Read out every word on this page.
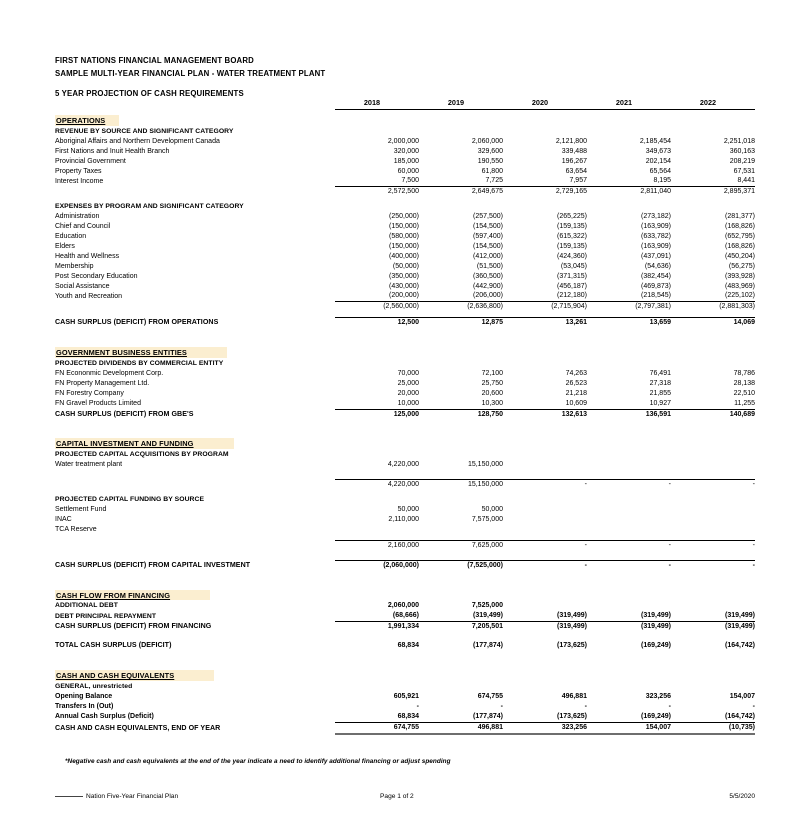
FIRST NATIONS FINANCIAL MANAGEMENT BOARD
SAMPLE MULTI-YEAR FINANCIAL PLAN - WATER TREATMENT PLANT
5 YEAR PROJECTION OF CASH REQUIREMENTS
	2018	2019	2020	2021	2022

OPERATIONS					
REVENUE BY SOURCE AND SIGNIFICANT CATEGORY					
Aboriginal Affairs and Northern Development Canada	2,000,000	2,060,000	2,121,800	2,185,454	2,251,018
First Nations and Inuit Health Branch	320,000	329,600	339,488	349,673	360,163
Provincial Government	185,000	190,550	196,267	202,154	208,219
Property Taxes	60,000	61,800	63,654	65,564	67,531
Interest Income	7,500	7,725	7,957	8,195	8,441
	2,572,500	2,649,675	2,729,165	2,811,040	2,895,371

EXPENSES BY PROGRAM AND SIGNIFICANT CATEGORY					
Administration	(250,000)	(257,500)	(265,225)	(273,182)	(281,377)
Chief and Council	(150,000)	(154,500)	(159,135)	(163,909)	(168,826)
Education	(580,000)	(597,400)	(615,322)	(633,782)	(652,795)
Elders	(150,000)	(154,500)	(159,135)	(163,909)	(168,826)
Health and Wellness	(400,000)	(412,000)	(424,360)	(437,091)	(450,204)
Membership	(50,000)	(51,500)	(53,045)	(54,636)	(56,275)
Post Secondary Education	(350,000)	(360,500)	(371,315)	(382,454)	(393,928)
Social Assistance	(430,000)	(442,900)	(456,187)	(469,873)	(483,969)
Youth and Recreation	(200,000)	(206,000)	(212,180)	(218,545)	(225,102)
	(2,560,000)	(2,636,800)	(2,715,904)	(2,797,381)	(2,881,303)

CASH SURPLUS (DEFICIT) FROM OPERATIONS	12,500	12,875	13,261	13,659	14,069

GOVERNMENT BUSINESS ENTITIES					
PROJECTED DIVIDENDS BY COMMERCIAL ENTITY					
FN Econonmic Development Corp.	70,000	72,100	74,263	76,491	78,786
FN Property Management Ltd.	25,000	25,750	26,523	27,318	28,138
FN Forestry Company	20,000	20,600	21,218	21,855	22,510
FN Gravel Products Limited	10,000	10,300	10,609	10,927	11,255
CASH SURPLUS (DEFICIT) FROM GBE'S	125,000	128,750	132,613	136,591	140,689

CAPITAL INVESTMENT AND FUNDING					
PROJECTED CAPITAL ACQUISITIONS BY PROGRAM					
Water treatment plant	4,220,000	15,150,000			

	4,220,000	15,150,000	-	-	-

PROJECTED CAPITAL FUNDING BY SOURCE					
Settlement Fund	50,000	50,000			
INAC	2,110,000	7,575,000			
TCA Reserve					

	2,160,000	7,625,000	-	-	-

CASH SURPLUS (DEFICIT) FROM CAPITAL INVESTMENT	(2,060,000)	(7,525,000)	-	-	-

CASH FLOW FROM FINANCING					
ADDITIONAL DEBT	2,060,000	7,525,000			
DEBT PRINCIPAL REPAYMENT	(68,666)	(319,499)	(319,499)	(319,499)	(319,499)
CASH SURPLUS (DEFICIT) FROM FINANCING	1,991,334	7,205,501	(319,499)	(319,499)	(319,499)

TOTAL CASH SURPLUS (DEFICIT)	68,834	(177,874)	(173,625)	(169,249)	(164,742)

CASH AND CASH EQUIVALENTS					
GENERAL, unrestricted					
Opening Balance	605,921	674,755	496,881	323,256	154,007
Transfers In (Out)	-	-	-	-	-
Annual Cash Surplus (Deficit)	68,834	(177,874)	(173,625)	(169,249)	(164,742)
CASH AND CASH EQUIVALENTS, END OF YEAR	674,755	496,881	323,256	154,007	(10,735)
*Negative cash and cash equivalents at the end of the year indicate a need to identify additional financing or adjust spending
Nation Five-Year Financial Plan	Page 1 of 2	5/5/2020
